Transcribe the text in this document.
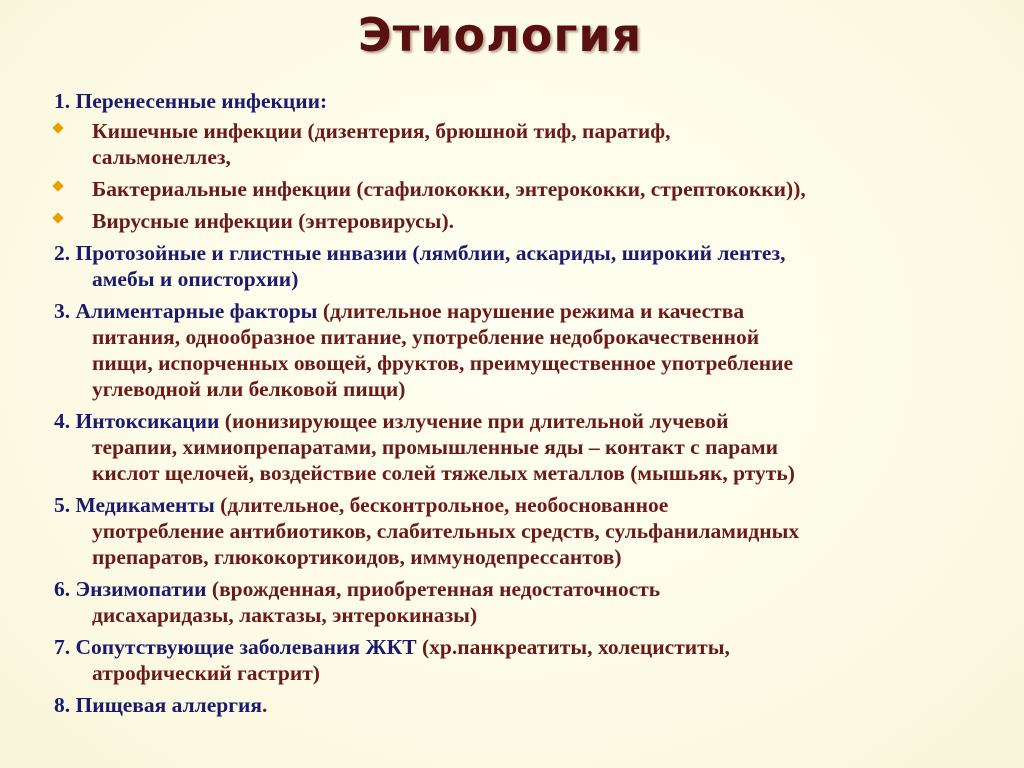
Этиология
1. Перенесенные инфекции:
Кишечные инфекции (дизентерия, брюшной тиф, паратиф,
сальмонеллез,
Бактериальные инфекции (стафилококки, энтерококки, стрептококки)),
Вирусные инфекции (энтеровирусы).
2. Протозойные и глистные инвазии (лямблии, аскариды, широкий лентез,
амебы и описторхии)
3. Алиментарные факторы (длительное нарушение режима и качества
питания, однообразное питание, употребление недоброкачественной
пищи, испорченных овощей, фруктов, преимущественное употребление
углеводной или белковой пищи)
4. Интоксикации (ионизирующее излучение при длительной лучевой
терапии, химиопрепаратами, промышленные яды – контакт с парами
кислот щелочей, воздействие солей тяжелых металлов (мышьяк, ртуть)
5. Медикаменты (длительное, бесконтрольное, необоснованное
употребление антибиотиков, слабительных средств, сульфаниламидных
препаратов, глюкокортикоидов, иммунодепрессантов)
6. Энзимопатии (врожденная, приобретенная недостаточность
дисахаридазы, лактазы, энтерокиназы)
7. Сопутствующие заболевания ЖКТ (хр.панкреатиты, холециститы,
атрофический гастрит)
8. Пищевая аллергия.
